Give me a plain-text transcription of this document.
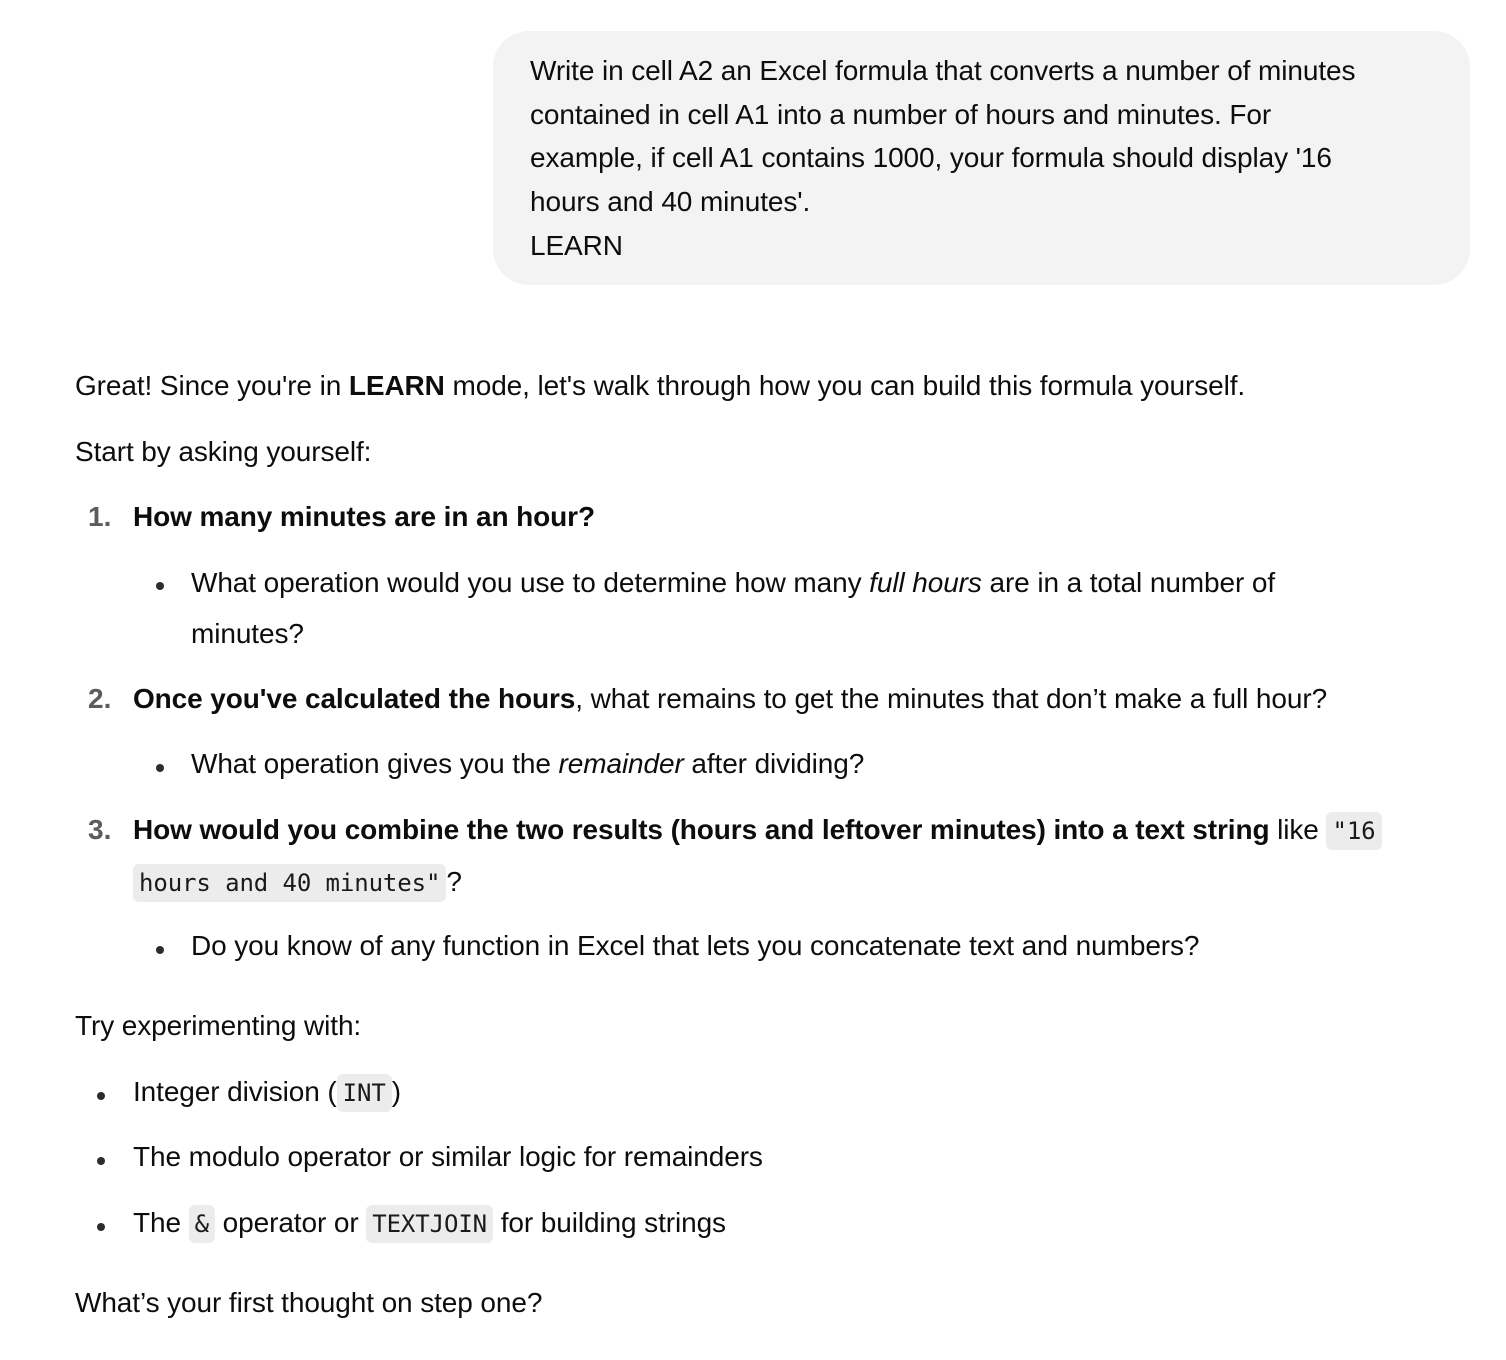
Write in cell A2 an Excel formula that converts a number of minutes

contained in cell A1 into a number of hours and minutes. For

example, if cell A1 contains 1000, your formula should display '16

hours and 40 minutes'.

LEARN

Great! Since you're in LEARN mode, let's walk through how you can build this formula yourself.
Start by asking yourself:
1. How many minutes are in an hour?
What operation would you use to determine how many full hours are in a total number of
minutes?
2. Once you've calculated the hours, what remains to get the minutes that don’t make a full hour?
What operation gives you the remainder after dividing?
3. How would you combine the two results (hours and leftover minutes) into a text string like "16
hours and 40 minutes" ?
Do you know of any function in Excel that lets you concatenate text and numbers?
Try experimenting with:
Integer division ( INT )
The modulo operator or similar logic for remainders
The & operator or TEXTJOIN for building strings
What’s your first thought on step one?
